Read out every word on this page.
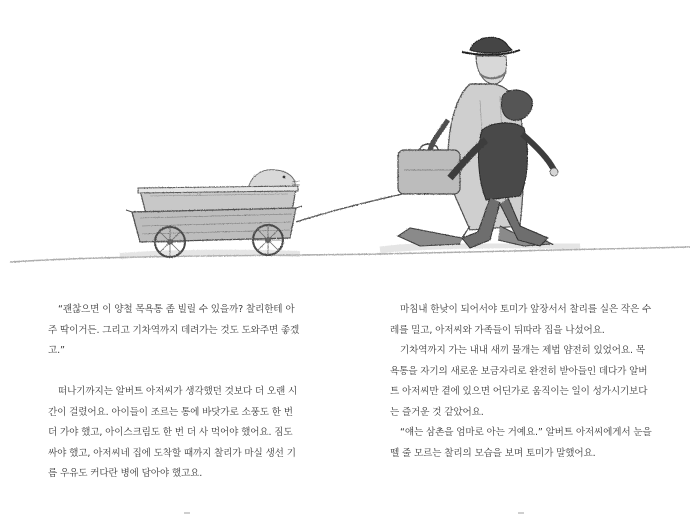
“괜찮으면 이 양철 목욕통 좀 빌릴 수 있을까? 찰리한테 아주 딱이거든. 그리고 기차역까지 데려가는 것도 도와주면 좋겠고.”

떠나기까지는 알버트 아저씨가 생각했던 것보다 더 오랜 시간이 걸렸어요. 아이들이 조르는 통에 바닷가로 소풍도 한 번 더 가야 했고, 아이스크림도 한 번 더 사 먹어야 했어요. 짐도 싸야 했고, 아저씨네 집에 도착할 때까지 찰리가 마실 생선 기름 우유도 커다란 병에 담아야 했고요.

마침내 한낮이 되어서야 토미가 앞장서서 찰리를 실은 작은 수레를 밀고, 아저씨와 가족들이 뒤따라 집을 나섰어요.

기차역까지 가는 내내 새끼 물개는 제법 얌전히 있었어요. 목욕통을 자기의 새로운 보금자리로 완전히 받아들인 데다가 알버트 아저씨만 곁에 있으면 어딘가로 움직이는 일이 성가시기보다는 즐거운 것 같았어요.

“얘는 삼촌을 엄마로 아는 거예요.” 알버트 아저씨에게서 눈을 뗄 줄 모르는 찰리의 모습을 보며 토미가 말했어요.
